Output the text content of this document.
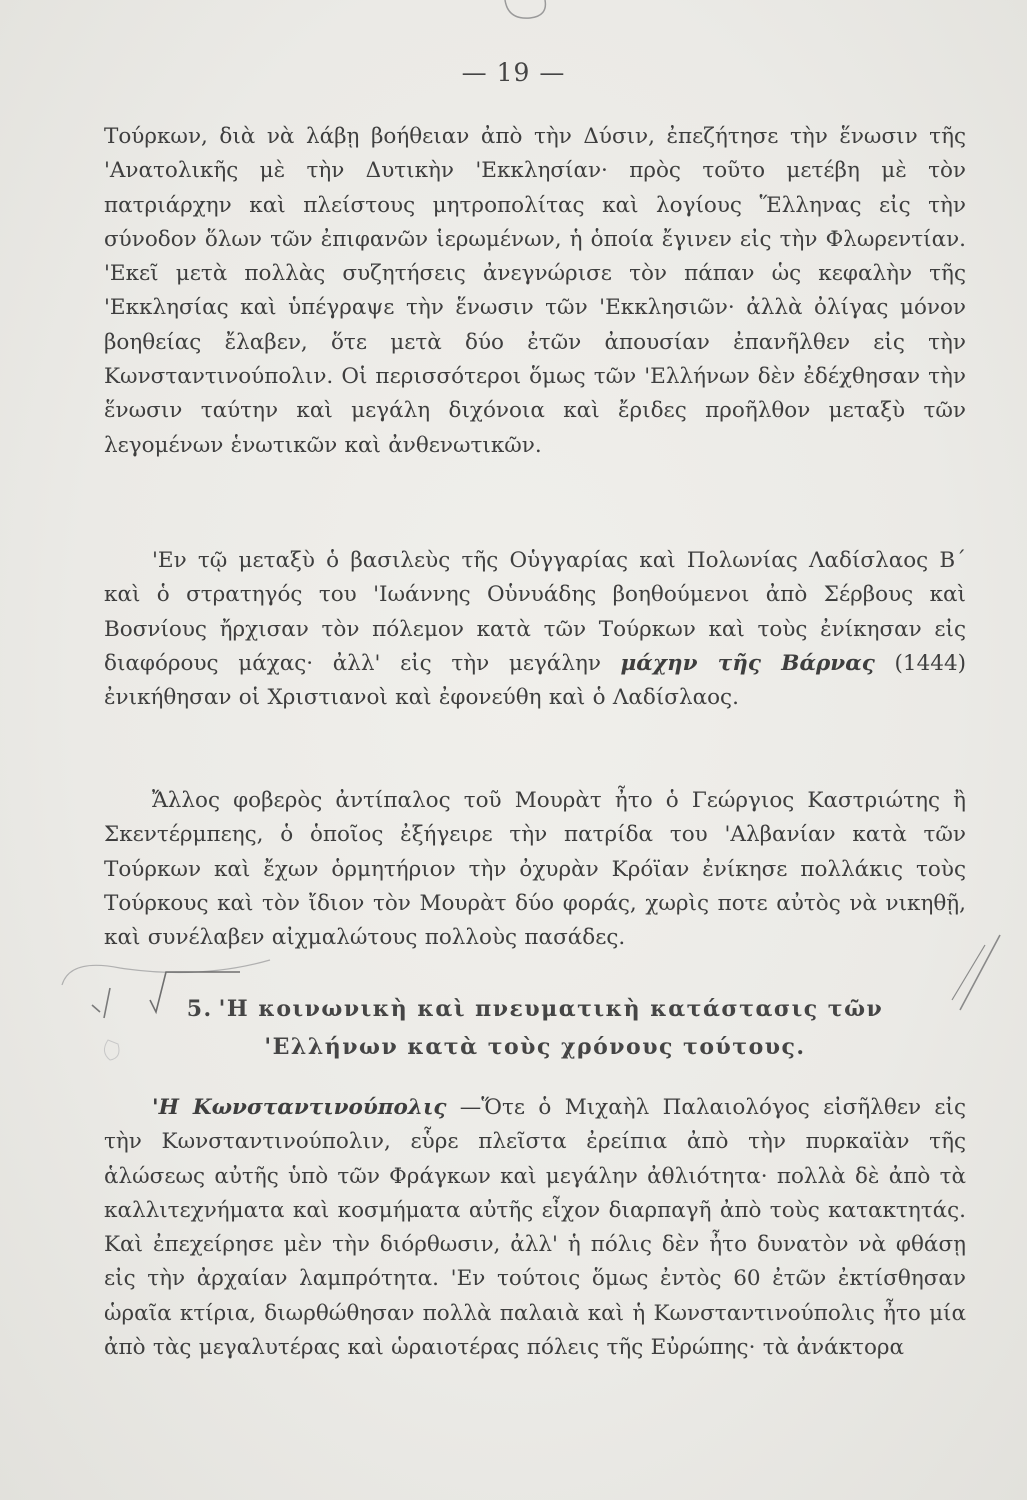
— 19 —
Τούρκων, διὰ νὰ λάβῃ βοήθειαν ἀπὸ τὴν Δύσιν, ἐπεζήτησε τὴν ἕνωσιν τῆς 'Ανατολικῆς μὲ τὴν Δυτικὴν 'Εκκλησίαν· πρὸς τοῦτο μετέβη μὲ τὸν πατριάρχην καὶ πλείστους μητροπολίτας καὶ λογίους Ἕλληνας εἰς τὴν σύνοδον ὅλων τῶν ἐπιφανῶν ἱερωμένων, ἡ ὁποία ἔγινεν εἰς τὴν Φλωρεντίαν. 'Εκεῖ μετὰ πολλὰς συζητήσεις ἀνεγνώρισε τὸν πάπαν ὡς κεφαλὴν τῆς 'Εκκλησίας καὶ ὑπέγραψε τὴν ἕνωσιν τῶν 'Εκκλησιῶν· ἀλλὰ ὀλίγας μόνον βοηθείας ἔλαβεν, ὅτε μετὰ δύο ἐτῶν ἀπουσίαν ἐπανῆλθεν εἰς τὴν Κωνσταντινούπολιν. Οἱ περισσότεροι ὅμως τῶν 'Ελλήνων δὲν ἐδέχθησαν τὴν ἕνωσιν ταύτην καὶ μεγάλη διχόνοια καὶ ἔριδες προῆλθον μεταξὺ τῶν λεγομένων ἑνωτικῶν καὶ ἀνθενωτικῶν.
'Εν τῷ μεταξὺ ὁ βασιλεὺς τῆς Οὑγγαρίας καὶ Πολωνίας Λαδίσλαος Β΄ καὶ ὁ στρατηγός του 'Ιωάννης Οὑνυάδης βοηθούμενοι ἀπὸ Σέρβους καὶ Βοσνίους ἤρχισαν τὸν πόλεμον κατὰ τῶν Τούρκων καὶ τοὺς ἐνίκησαν εἰς διαφόρους μάχας· ἀλλ' εἰς τὴν μεγάλην μάχην τῆς Βάρνας (1444) ἐνικήθησαν οἱ Χριστιανοὶ καὶ ἐφονεύθη καὶ ὁ Λαδίσλαος.
Ἄλλος φοβερὸς ἀντίπαλος τοῦ Μουρὰτ ἦτο ὁ Γεώργιος Καστριώτης ἢ Σκεντέρμπεης, ὁ ὁποῖος ἐξήγειρε τὴν πατρίδα του 'Αλβανίαν κατὰ τῶν Τούρκων καὶ ἔχων ὁρμητήριον τὴν ὀχυρὰν Κρόϊαν ἐνίκησε πολλάκις τοὺς Τούρκους καὶ τὸν ἴδιον τὸν Μουρὰτ δύο φοράς, χωρὶς ποτε αὐτὸς νὰ νικηθῇ, καὶ συνέλαβεν αἰχμαλώτους πολλοὺς πασάδες.
5. 'Η κοινωνικὴ καὶ πνευματικὴ κατάστασις τῶν
'Ελλήνων κατὰ τοὺς χρόνους τούτους.
'Η Κωνσταντινούπολις —Ὅτε ὁ Μιχαὴλ Παλαιολόγος εἰσῆλθεν εἰς τὴν Κωνσταντινούπολιν, εὗρε πλεῖστα ἐρείπια ἀπὸ τὴν πυρκαϊὰν τῆς ἁλώσεως αὐτῆς ὑπὸ τῶν Φράγκων καὶ μεγάλην ἀθλιότητα· πολλὰ δὲ ἀπὸ τὰ καλλιτεχνήματα καὶ κοσμήματα αὐτῆς εἶχον διαρπαγῆ ἀπὸ τοὺς κατακτητάς. Καὶ ἐπεχείρησε μὲν τὴν διόρθωσιν, ἀλλ' ἡ πόλις δὲν ἦτο δυνατὸν νὰ φθάσῃ εἰς τὴν ἀρχαίαν λαμπρότητα. 'Εν τούτοις ὅμως ἐντὸς 60 ἐτῶν ἐκτίσθησαν ὡραῖα κτίρια, διωρθώθησαν πολλὰ παλαιὰ καὶ ἡ Κωνσταντινούπολις ἦτο μία ἀπὸ τὰς μεγαλυτέρας καὶ ὡραιοτέρας πόλεις τῆς Εὐρώπης· τὰ ἀνάκτορα
